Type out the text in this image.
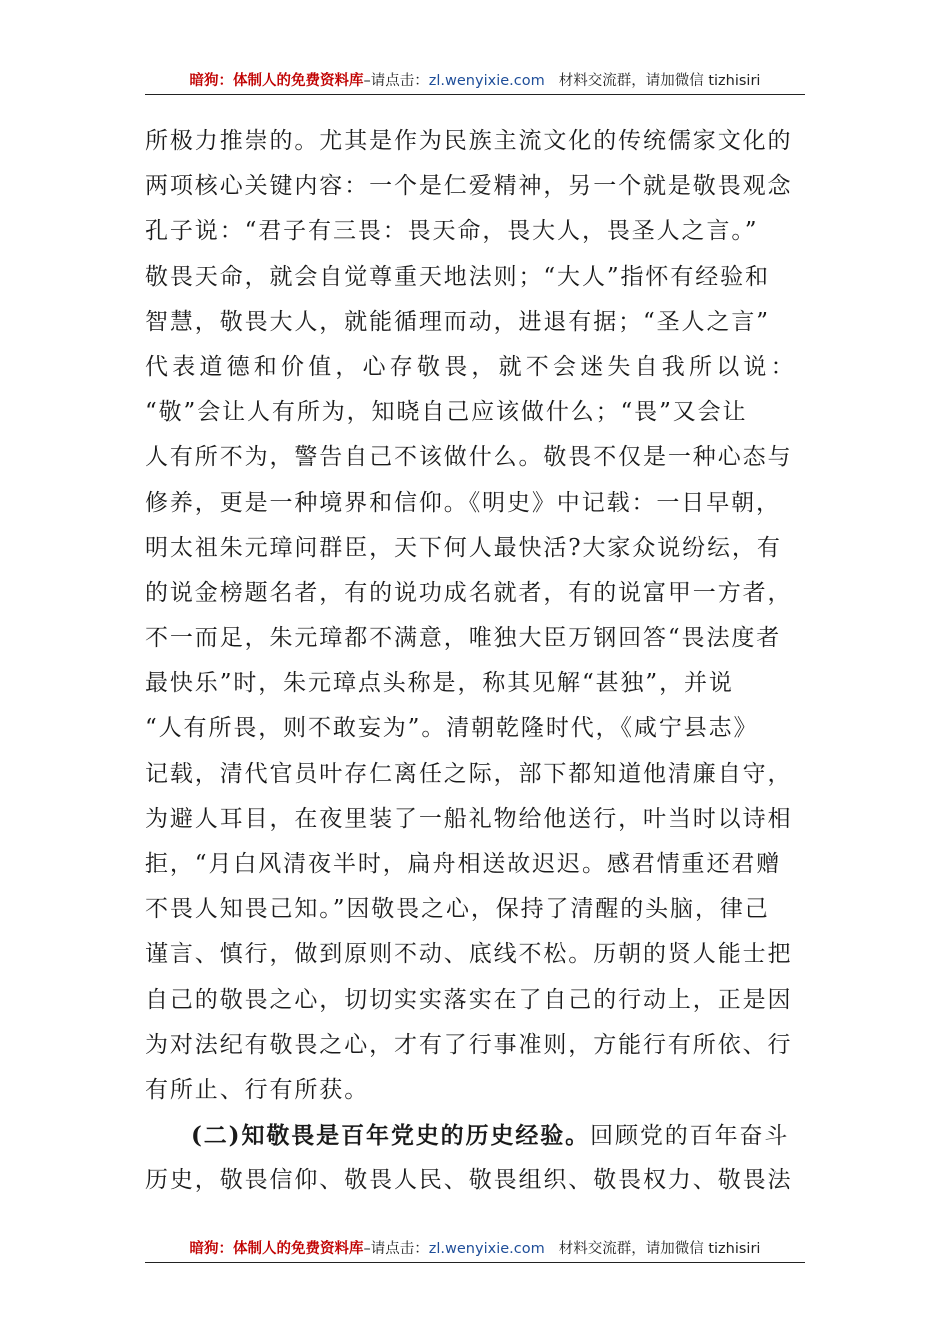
暗狗：体制人的免费资料库–请点击：zl.wenyixie.com 材料交流群，请加微信 tizhisiri
所极力推崇的。尤其是作为民族主流文化的传统儒家文化的
两项核心关键内容：一个是仁爱精神，另一个就是敬畏观念
孔子说：“君子有三畏：畏天命，畏大人，畏圣人之言。”
敬畏天命，就会自觉尊重天地法则；“大人”指怀有经验和
智慧，敬畏大人，就能循理而动，进退有据；“圣人之言”
代表道德和价值，心存敬畏，就不会迷失自我所以说：
“敬”会让人有所为，知晓自己应该做什么；“畏”又会让
人有所不为，警告自己不该做什么。敬畏不仅是一种心态与
修养，更是一种境界和信仰。《明史》中记载：一日早朝，
明太祖朱元璋问群臣，天下何人最快活?大家众说纷纭，有
的说金榜题名者，有的说功成名就者，有的说富甲一方者，
不一而足，朱元璋都不满意，唯独大臣万钢回答“畏法度者
最快乐”时，朱元璋点头称是，称其见解“甚独”，并说
“人有所畏，则不敢妄为”。清朝乾隆时代，《咸宁县志》
记载，清代官员叶存仁离任之际，部下都知道他清廉自守，
为避人耳目，在夜里装了一船礼物给他送行，叶当时以诗相
拒，“月白风清夜半时，扁舟相送故迟迟。感君情重还君赠
不畏人知畏己知。”因敬畏之心，保持了清醒的头脑，律己
谨言、慎行，做到原则不动、底线不松。历朝的贤人能士把
自己的敬畏之心，切切实实落实在了自己的行动上，正是因
为对法纪有敬畏之心，才有了行事准则，方能行有所依、行
有所止、行有所获。
(二)知敬畏是百年党史的历史经验。回顾党的百年奋斗
历史，敬畏信仰、敬畏人民、敬畏组织、敬畏权力、敬畏法
暗狗：体制人的免费资料库–请点击：zl.wenyixie.com 材料交流群，请加微信 tizhisiri
